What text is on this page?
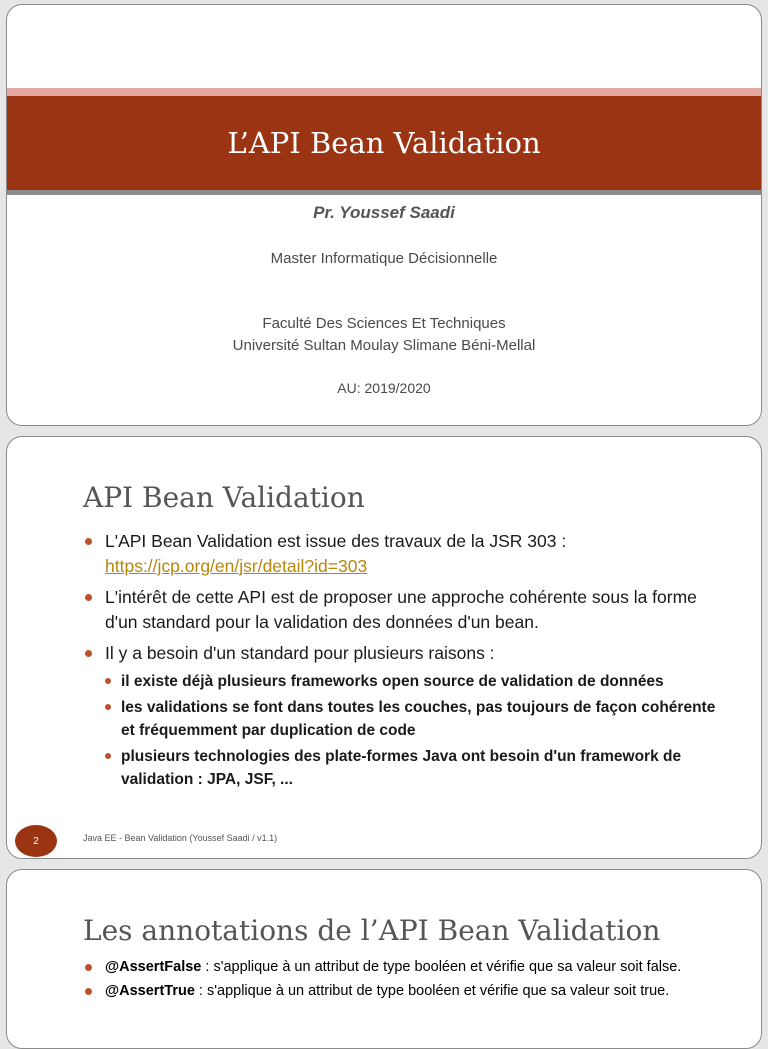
L’API Bean Validation
Pr. Youssef Saadi
Master Informatique Décisionnelle
Faculté Des Sciences Et Techniques
Université Sultan Moulay Slimane Béni-Mellal
AU: 2019/2020
API Bean Validation
L'API Bean Validation est issue des travaux de la JSR 303 : https://jcp.org/en/jsr/detail?id=303
L'intérêt de cette API est de proposer une approche cohérente sous la forme d'un standard pour la validation des données d'un bean.
Il y a besoin d'un standard pour plusieurs raisons :
il existe déjà plusieurs frameworks open source de validation de données
les validations se font dans toutes les couches, pas toujours de façon cohérente et fréquemment par duplication de code
plusieurs technologies des plate-formes Java ont besoin d'un framework de validation : JPA, JSF, ...
2	Java EE - Bean Validation (Youssef Saadi / v1.1)
Les annotations de l’API Bean Validation
@AssertFalse : s'applique à un attribut de type booléen et vérifie que sa valeur soit false.
@AssertTrue : s'applique à un attribut de type booléen et vérifie que sa valeur soit true.
